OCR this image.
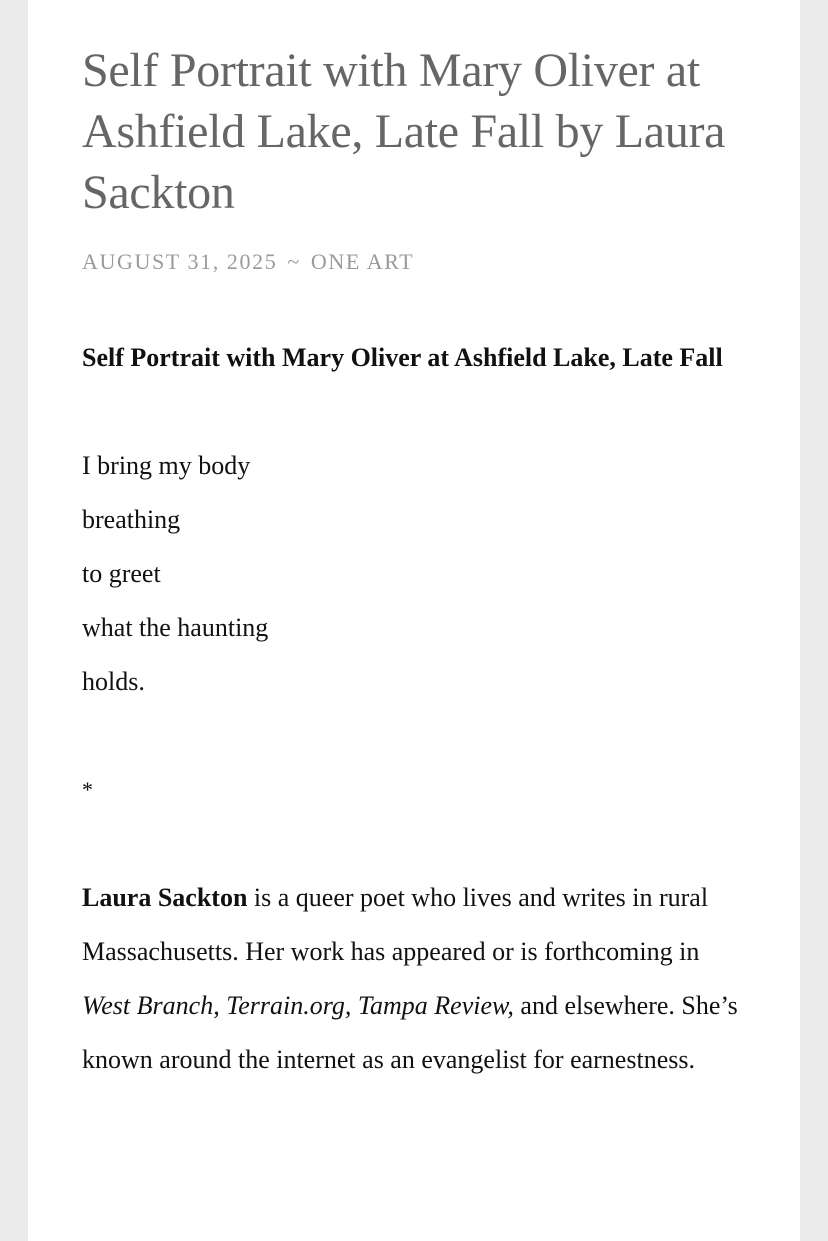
Self Portrait with Mary Oliver at Ashfield Lake, Late Fall by Laura Sackton
AUGUST 31, 2025 ~ ONE ART

Self Portrait with Mary Oliver at Ashfield Lake, Late Fall

I bring my body
breathing
to greet
what the haunting
holds.
*

Laura Sackton is a queer poet who lives and writes in rural Massachusetts. Her work has appeared or is forthcoming in West Branch, Terrain.org, Tampa Review, and elsewhere. She’s known around the internet as an evangelist for earnestness.
